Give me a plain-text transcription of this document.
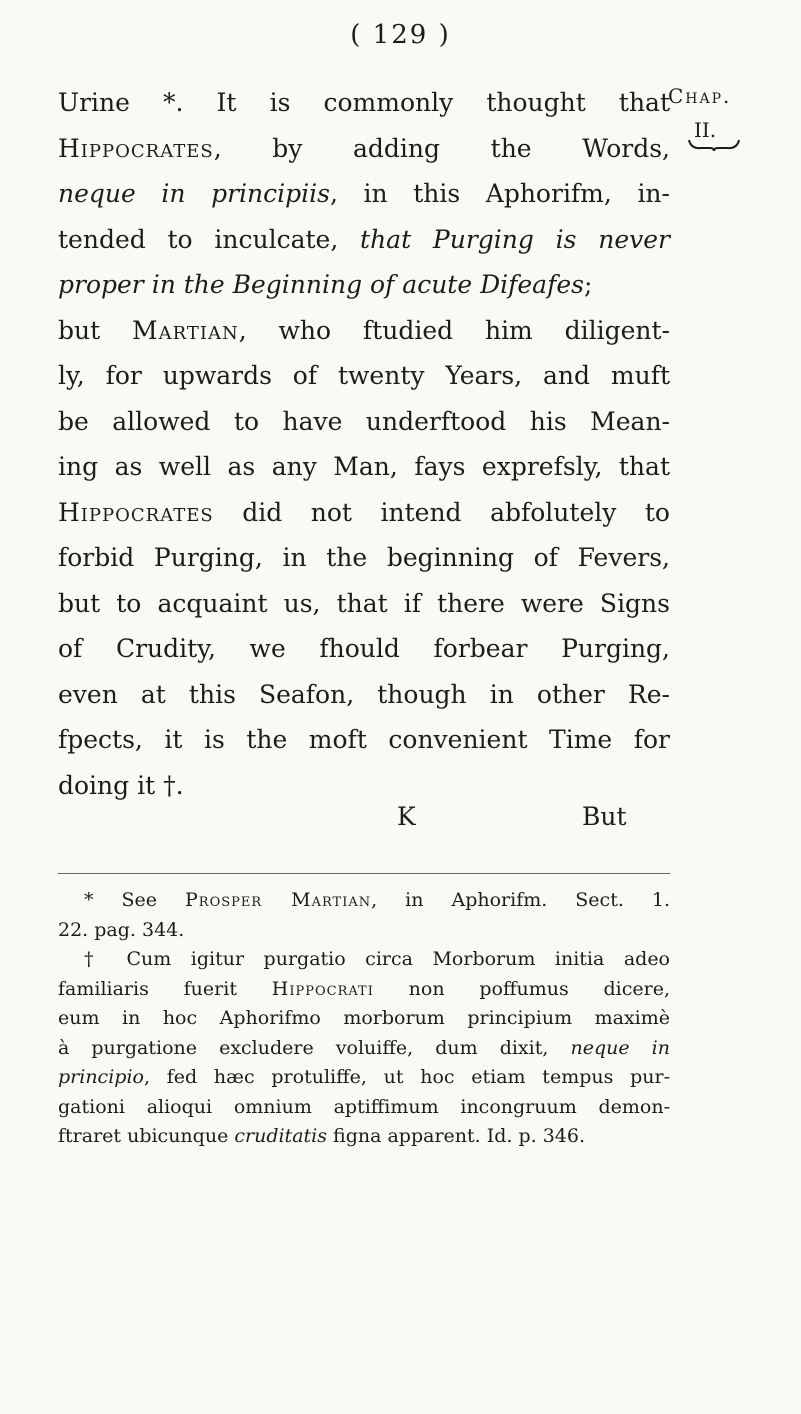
( 129 )
Chap.
II.
Urine *. It is commonly thought that
Hippocrates, by adding the Words,
neque in principiis, in this Aphorifm, in-
tended to inculcate, that Purging is never
proper in the Beginning of acute Difeafes;
but Martian, who ftudied him diligent-
ly, for upwards of twenty Years, and muft
be allowed to have underftood his Mean-
ing as well as any Man, fays exprefsly, that
Hippocrates did not intend abfolutely to
forbid Purging, in the beginning of Fevers,
but to acquaint us, that if there were Signs
of Crudity, we fhould forbear Purging,
even at this Seafon, though in other Re-
fpects, it is the moft convenient Time for
doing it †.
K	But
* See Prosper Martian, in Aphorifm. Sect. 1.
22. pag. 344.
† Cum igitur purgatio circa Morborum initia adeo
familiaris fuerit Hippocrati non poffumus dicere,
eum in hoc Aphorifmo morborum principium maximè
à purgatione excludere voluiffe, dum dixit, neque in
principio, fed hæc protuliffe, ut hoc etiam tempus pur-
gationi alioqui omnium aptiffimum incongruum demon-
ftraret ubicunque cruditatis figna apparent. Id. p. 346.
